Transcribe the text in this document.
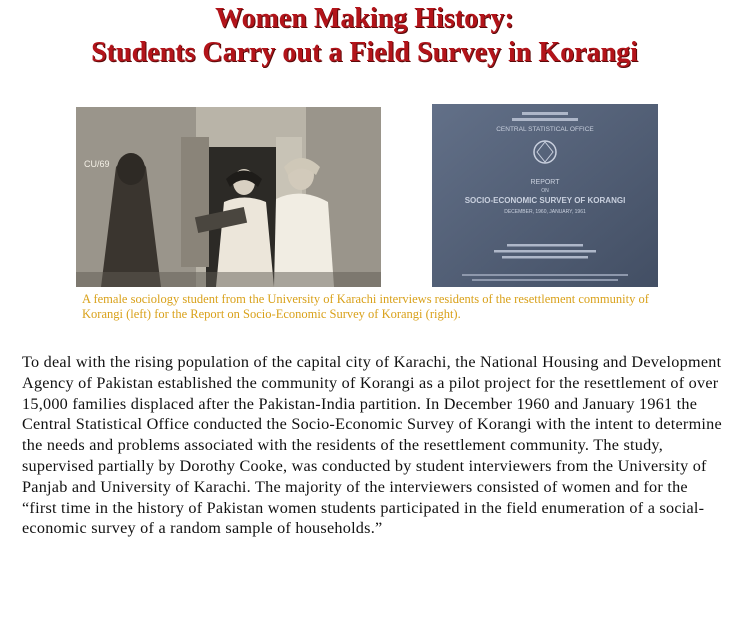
Women Making History:
Students Carry out a Field Survey in Korangi
CU/69
CENTRAL STATISTICAL OFFICE
REPORT
ON
SOCIO-ECONOMIC SURVEY OF KORANGI
DECEMBER, 1960, JANUARY, 1961
A female sociology student from the University of Karachi interviews residents of the resettlement community of Korangi (left) for the Report on Socio-Economic Survey of Korangi (right).

To deal with the rising population of the capital city of Karachi, the National Housing and Development Agency of Pakistan established the community of Korangi as a pilot project for the resettlement of over 15,000 families displaced after the Pakistan-India partition. In December 1960 and January 1961 the Central Statistical Office conducted the Socio-Economic Survey of Korangi with the intent to determine the needs and problems associated with the residents of the resettlement community. The study, supervised partially by Dorothy Cooke, was conducted by student interviewers from the University of Panjab and University of Karachi. The majority of the interviewers consisted of women and for the “first time in the history of Pakistan women students participated in the field enumeration of a social-economic survey of a random sample of households.”
